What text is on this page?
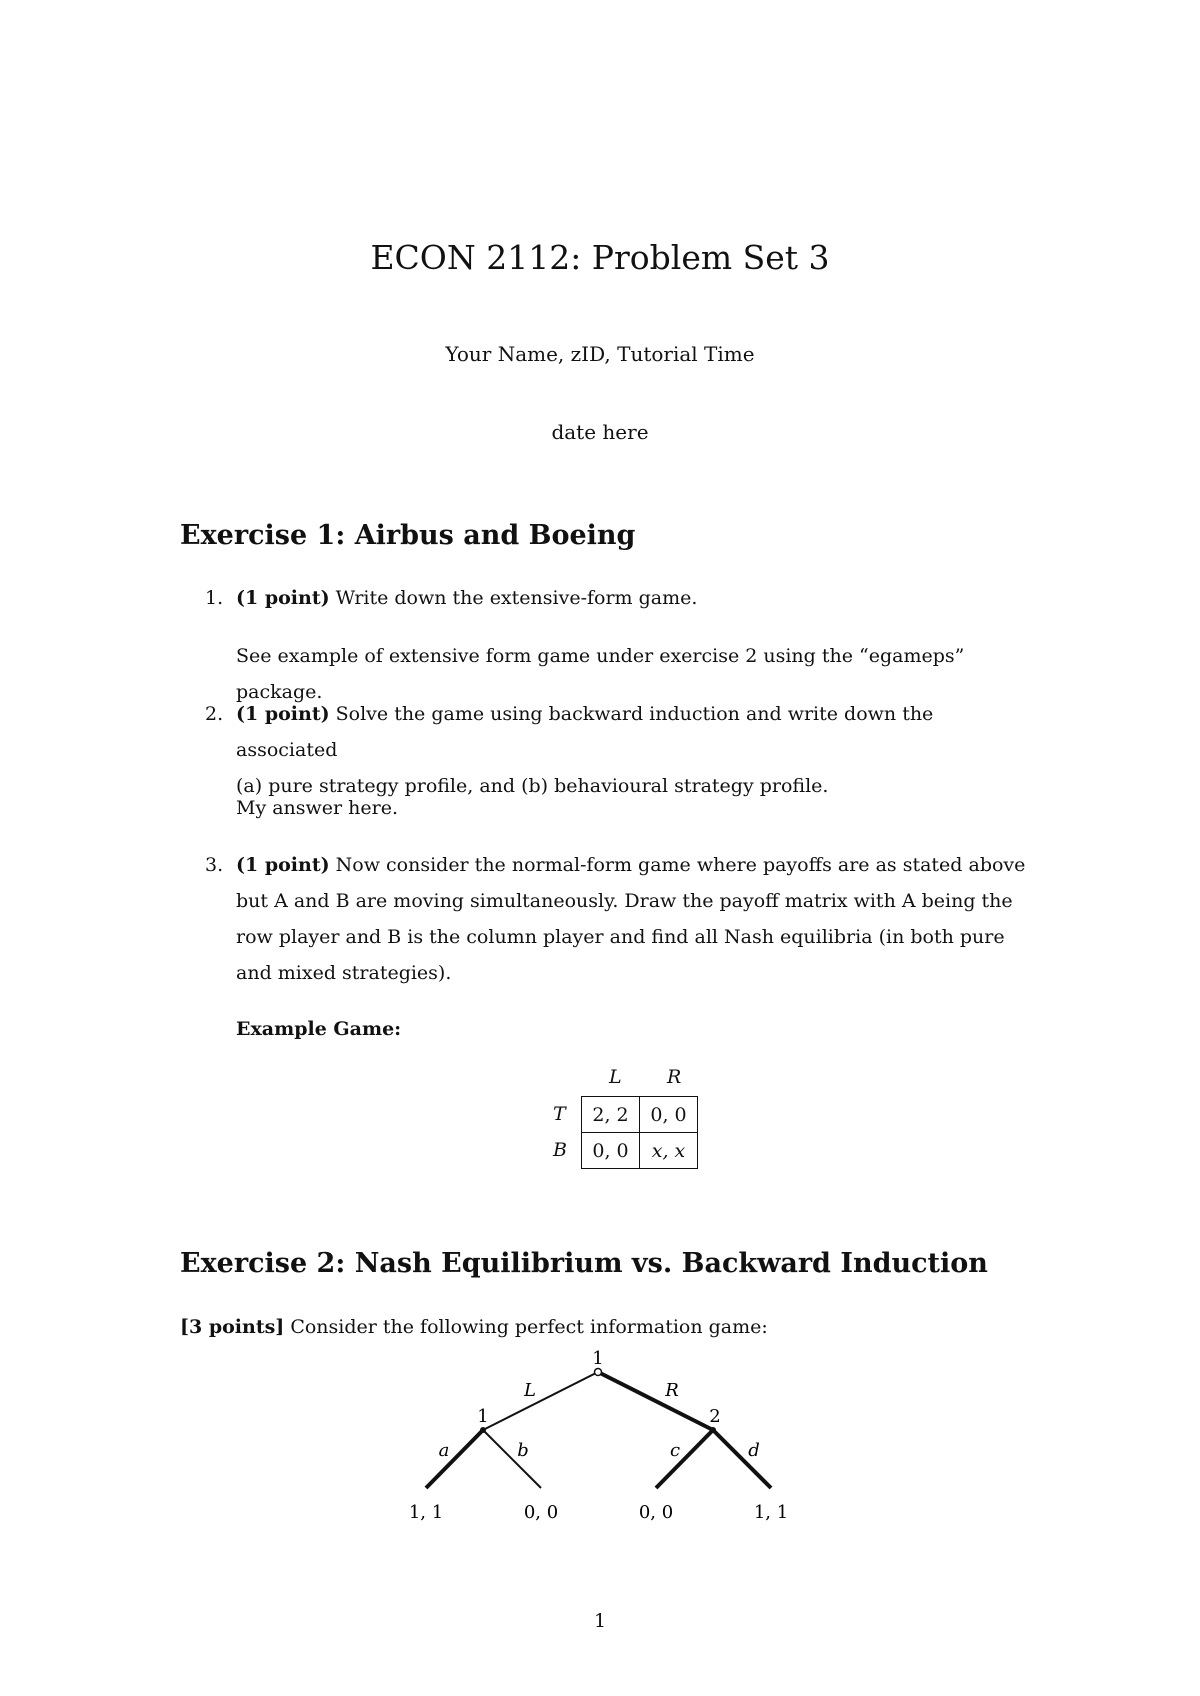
ECON 2112: Problem Set 3
Your Name, zID, Tutorial Time
date here
Exercise 1: Airbus and Boeing
1. (1 point) Write down the extensive-form game.
See example of extensive form game under exercise 2 using the “egameps” package.
2. (1 point) Solve the game using backward induction and write down the associated
(a) pure strategy profile, and (b) behavioural strategy profile.
My answer here.
3. (1 point) Now consider the normal-form game where payoffs are as stated above
but A and B are moving simultaneously. Draw the payoff matrix with A being the
row player and B is the column player and find all Nash equilibria (in both pure
and mixed strategies).
Example Game:
L R
T
B
2, 2	0, 0
0, 0	x, x
Exercise 2: Nash Equilibrium vs. Backward Induction
[3 points] Consider the following perfect information game:
1
L	R
1	2
a	b	c	d
1, 1	0, 0	0, 0	1, 1
1
